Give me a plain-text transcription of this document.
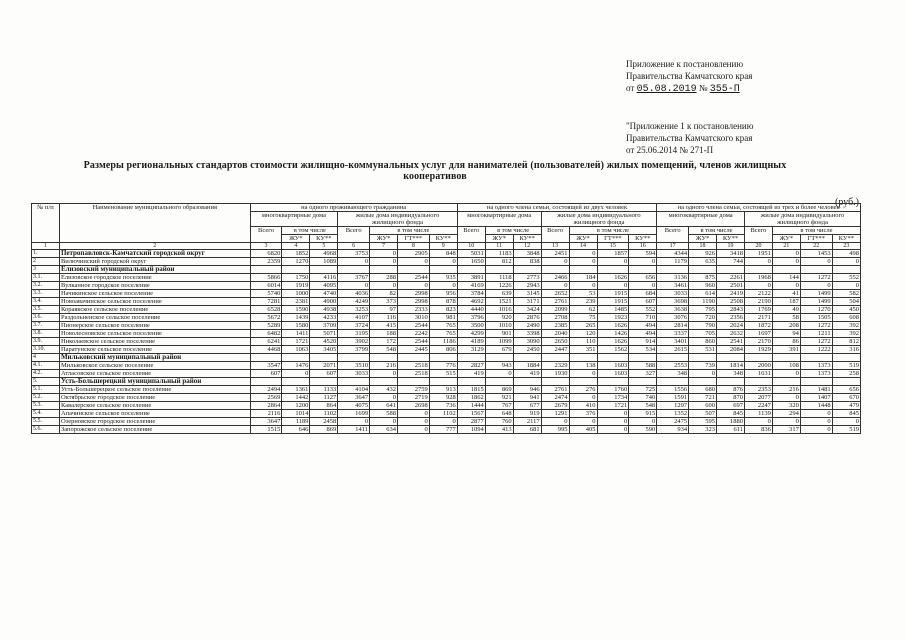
Приложение к постановлению
Правительства Камчатского края
от 05.08.2019 № 355-П
"Приложение 1 к постановлению
Правительства Камчатского края
от 25.06.2014 № 271-П
Размеры региональных стандартов стоимости жилищно-коммунальных услуг для нанимателей (пользователей) жилых помещений, членов жилищных
кооперативов
(руб.)
№ п/п	Наименование муниципального образования	на одного проживающего гражданина							на одного члена семьи, состоящей из двух человек							на одного члена семьи, состоящей из трех и более человек						
		многоквартирные дома			жилые дома индивидуального жилищного фонда				многоквартирные дома			жилые дома индивидуального жилищного фонда				многоквартирные дома			жилые дома индивидуального жилищного фонда			
		Всего	в том числе		Всего	в том числе			Всего	в том числе		Всего	в том числе			Всего	в том числе		Всего	в том числе		
			ЖУ*	КУ**		ЖУ*	ГТ***	КУ**		ЖУ*	КУ**		ЖУ*	ГТ***	КУ**		ЖУ*	КУ**		ЖУ*	ГТ***	КУ**
1	2	3	4	5	6	7	8	9	10	11	12	13	14	15	16	17	18	19	20	21	22	23
1.	Петропавловск-Камчатский городской округ	6820	1852	4968	3753	0	2905	848	5031	1183	3848	2451	0	1857	594	4344	926	3418	1951	0	1453	498
2	Вилючинский городской округ	2359	1270	1089	0	0	0	0	1650	812	838	0	0	0	0	1179	635	744	0	0	0	0
3	Елизовский муниципальный район																					
3.1.	Елизовское городское поселение	5866	1750	4116	3767	288	2544	935	3891	1118	2773	2466	184	1626	656	3136	875	2261	1968	144	1272	552
3.2.	Вулканное городское поселение	6014	1919	4095	0	0	0	0	4169	1226	2943	0	0	0	0	3461	960	2501	0	0	0	0
3.3.	Начикинское сельское поселение	5740	1000	4740	4036	82	2998	956	3784	639	3145	2652	53	1915	684	3033	614	2419	2122	41	1499	582
3.4.	Новоавачинское сельское поселение	7281	2381	4900	4249	373	2998	878	4692	1521	3171	2761	239	1915	607	3698	1190	2508	2190	187	1499	504
3.5.	Кораякское сельское поселение	6528	1590	4938	3253	97	2333	823	4440	1016	3424	2099	62	1485	552	3638	795	2843	1769	49	1270	450
3.6.	Раздольненское сельское поселение	5672	1439	4233	4107	116	3010	981	3796	920	2876	2708	75	1923	710	3076	720	2356	2171	58	1505	608
3.7.	Пионерское сельское поселение	5289	1580	3709	3724	415	2544	765	3500	1010	2490	2385	265	1626	494	2814	790	2024	1872	208	1272	392
3.8.	Новолесновское сельское поселение	6482	1411	5071	3195	188	2242	765	4299	901	3398	2040	120	1426	494	3337	705	2632	1697	94	1211	392
3.9.	Николаевское сельское поселение	6241	1721	4520	3902	172	2544	1186	4189	1099	3090	2650	110	1626	914	3401	860	2541	2170	86	1272	812
3.10.	Паратунское сельское поселение	4468	1063	3405	3799	548	2445	806	3129	679	2450	2447	351	1562	534	2615	531	2084	1929	391	1222	316
4	Мильковский муниципальный район																					
4.1.	Мильковское сельское поселение	3547	1476	2071	3510	216	2518	776	2827	943	1884	2329	138	1603	588	2553	739	1814	2000	108	1373	519
4.2.	Атласовское сельское поселение	607	0	607	3033	0	2518	515	419	0	419	1930	0	1603	327	348	0	348	1631	0	1373	258
5.	Усть-Большерецкий муниципальный район																					
5.1.	Усть-Большерецкое сельское поселение	2494	1361	1133	4104	432	2759	913	1815	869	946	2761	276	1760	725	1556	680	876	2353	216	1481	656
5.2.	Октябрьское городское поселение	2569	1442	1127	3647	0	2719	928	1862	921	941	2474	0	1734	740	1591	721	870	2077	0	1407	670
5.3.	Кавалерское сельское поселение	2864	1200	864	4075	641	2698	736	1444	767	677	2679	410	1721	548	1297	600	697	2247	320	1448	479
5.4.	Апачинское сельское поселение	2116	1014	1102	1699	588	0	1102	1567	648	919	1291	376	0	915	1352	507	845	1139	294	0	845
5.5.	Озерновское городское поселение	3647	1189	2458	0	0	0	0	2877	760	2117	0	0	0	0	2475	595	1880	0	0	0	0
5.6.	Запорожское сельское поселение	1515	646	869	1411	634	0	777	1094	413	681	995	405	0	590	934	323	611	836	317	0	519
